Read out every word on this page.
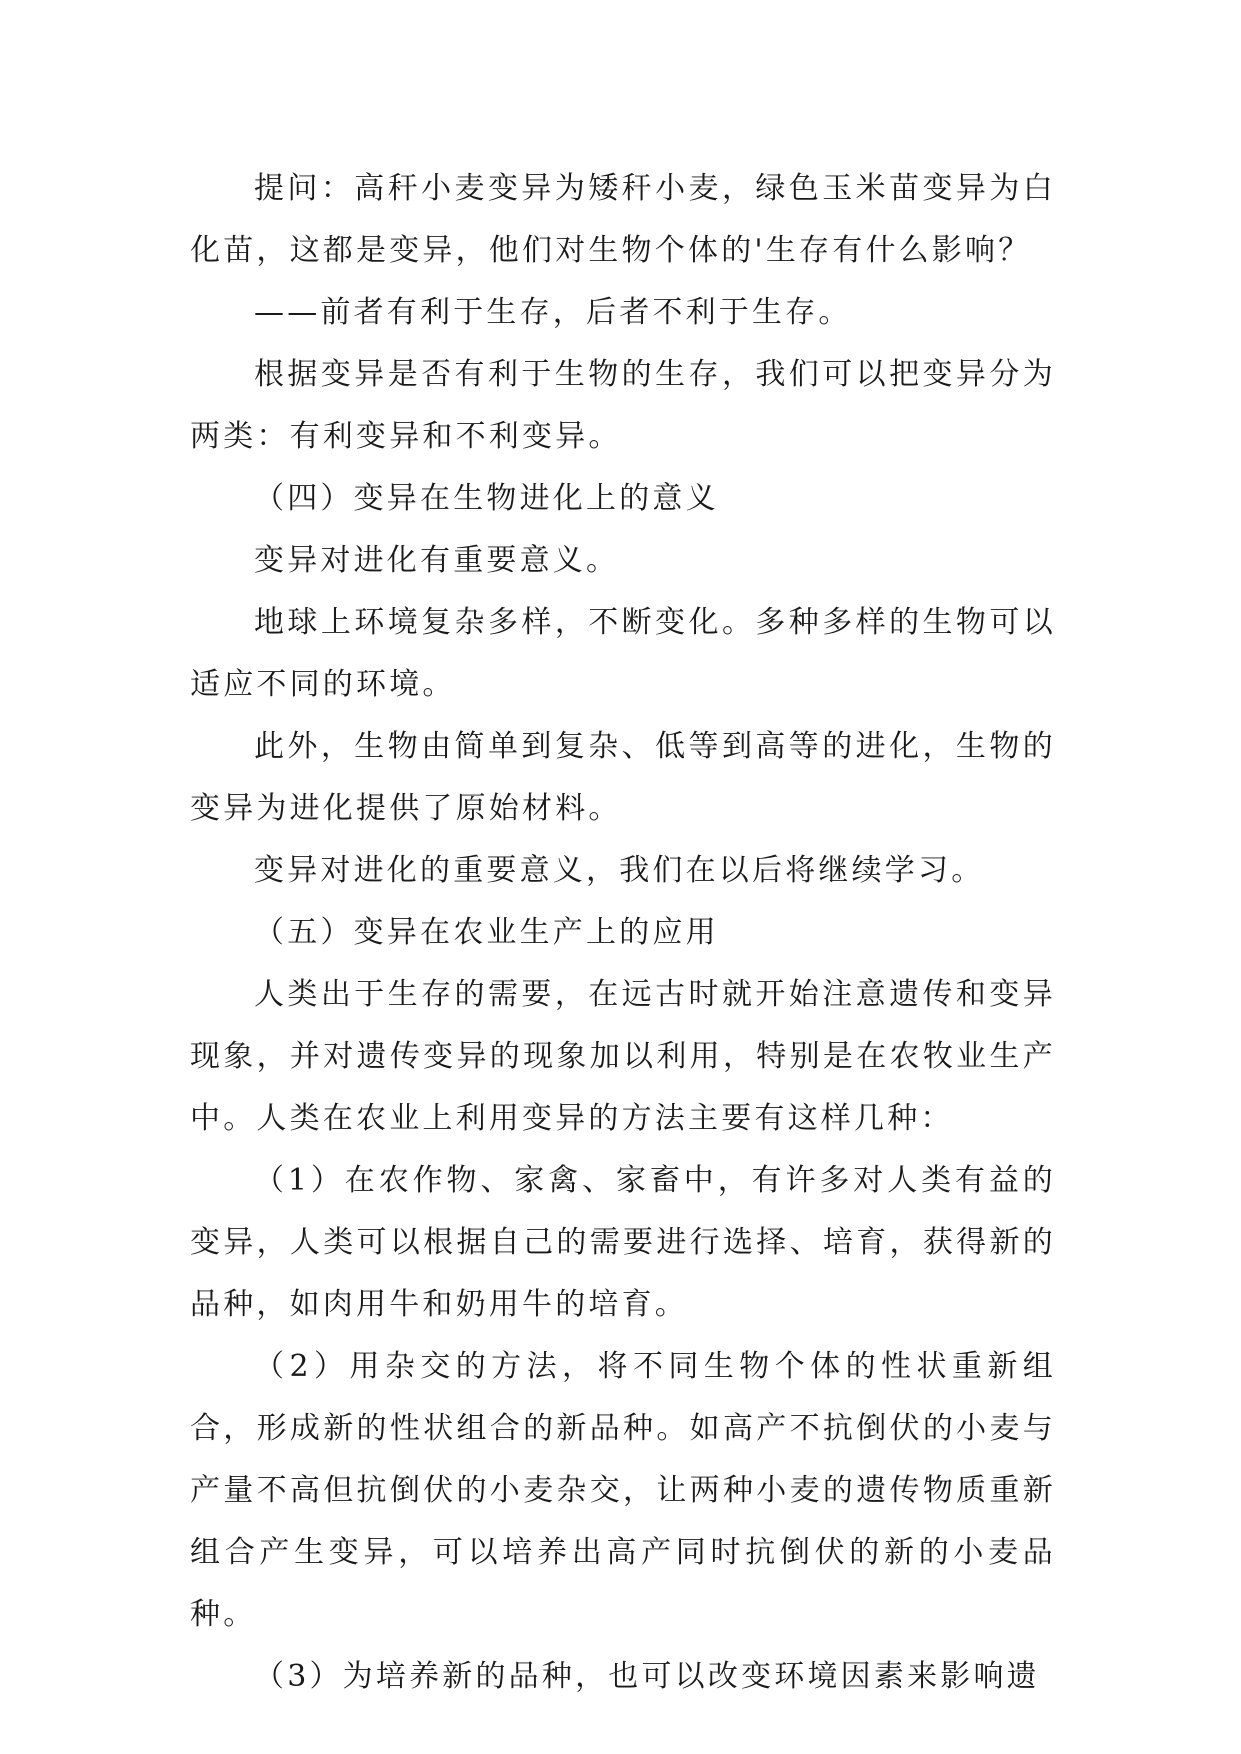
提问：高秆小麦变异为矮秆小麦，绿色玉米苗变异为白化苗，这都是变异，他们对生物个体的'生存有什么影响？

——前者有利于生存，后者不利于生存。

根据变异是否有利于生物的生存，我们可以把变异分为两类：有利变异和不利变异。

（四）变异在生物进化上的意义

变异对进化有重要意义。

地球上环境复杂多样，不断变化。多种多样的生物可以适应不同的环境。

此外，生物由简单到复杂、低等到高等的进化，生物的变异为进化提供了原始材料。

变异对进化的重要意义，我们在以后将继续学习。

（五）变异在农业生产上的应用

人类出于生存的需要，在远古时就开始注意遗传和变异现象，并对遗传变异的现象加以利用，特别是在农牧业生产中。人类在农业上利用变异的方法主要有这样几种：

（1）在农作物、家禽、家畜中，有许多对人类有益的变异，人类可以根据自己的需要进行选择、培育，获得新的品种，如肉用牛和奶用牛的培育。

（2）用杂交的方法，将不同生物个体的性状重新组合，形成新的性状组合的新品种。如高产不抗倒伏的小麦与产量不高但抗倒伏的小麦杂交，让两种小麦的遗传物质重新组合产生变异，可以培养出高产同时抗倒伏的新的小麦品种。

（3）为培养新的品种，也可以改变环境因素来影响遗
